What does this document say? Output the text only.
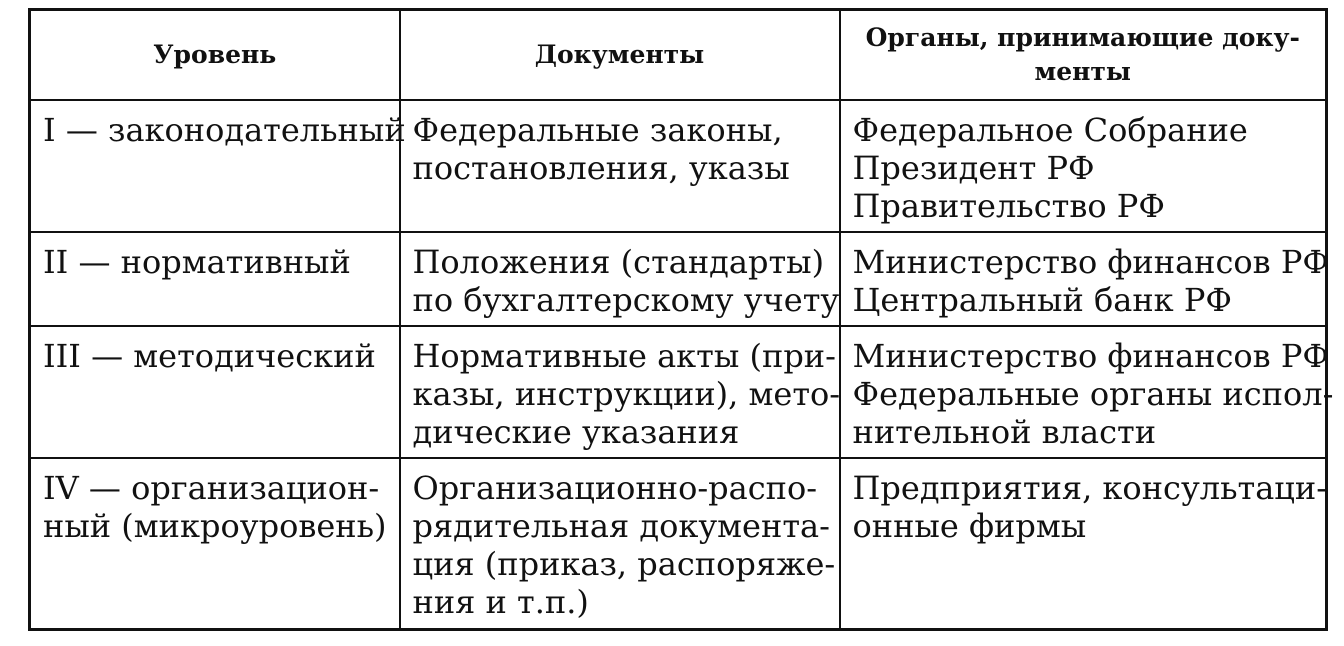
Уровень	Документы	Органы, принимающие доку-
менты

I — законодательный	Федеральные законы,
постановления, указы	Федеральное Собрание
Президент РФ
Правительство РФ

II — нормативный	Положения (стандарты)
по бухгалтерскому учету	Министерство финансов РФ
Центральный банк РФ

III — методический	Нормативные акты (при-
казы, инструкции), мето-
дические указания	Министерство финансов РФ
Федеральные органы испол-
нительной власти

IV — организацион-
ный (микроуровень)	Организационно-распо-
рядительная документа-
ция (приказ, распоряже-
ния и т.п.)	Предприятия, консультаци-
онные фирмы
